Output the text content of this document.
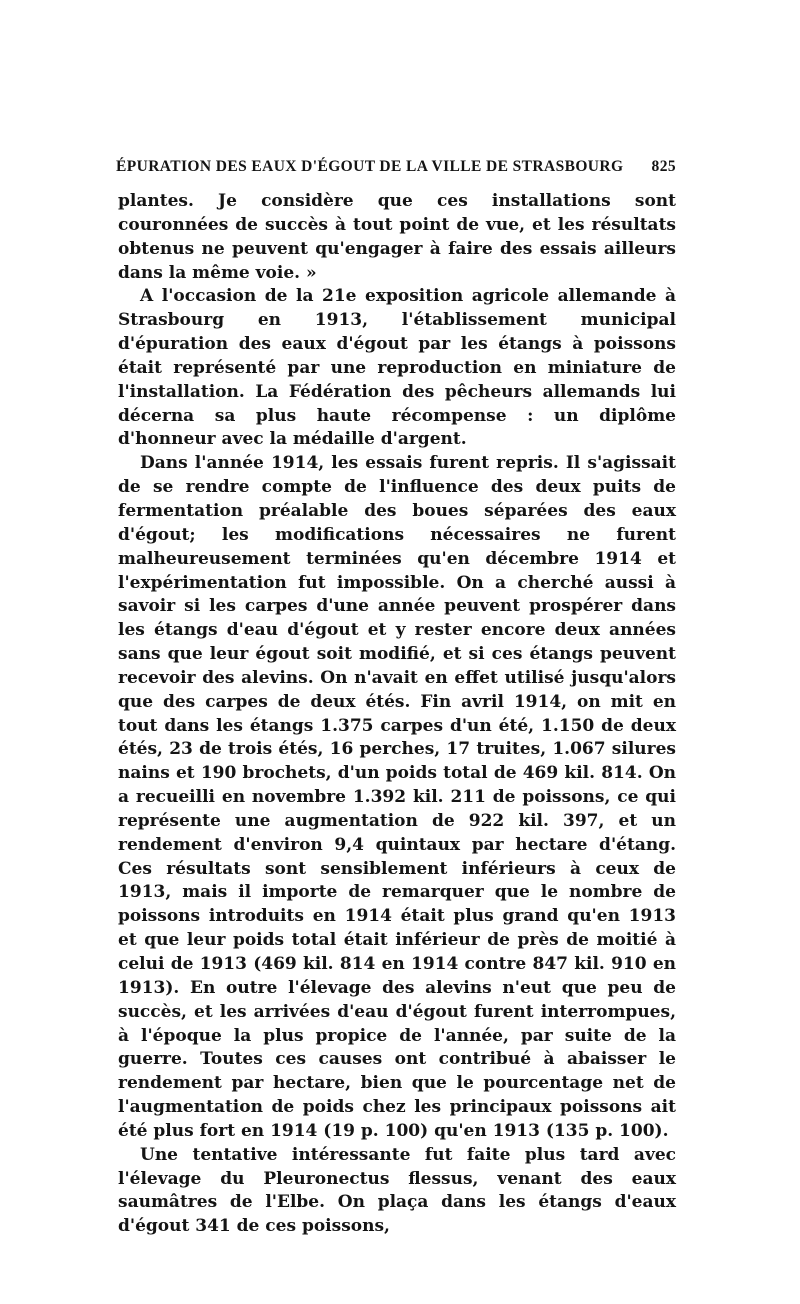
ÉPURATION DES EAUX D'ÉGOUT DE LA VILLE DE STRASBOURG 825

plantes. Je considère que ces installations sont couronnées de succès à tout point de vue, et les résultats obtenus ne peuvent qu'engager à faire des essais ailleurs dans la même voie. »

A l'occasion de la 21e exposition agricole allemande à Strasbourg en 1913, l'établissement municipal d'épuration des eaux d'égout par les étangs à poissons était représenté par une reproduction en miniature de l'installation. La Fédération des pêcheurs allemands lui décerna sa plus haute récompense : un diplôme d'honneur avec la médaille d'argent.

Dans l'année 1914, les essais furent repris. Il s'agissait de se rendre compte de l'influence des deux puits de fermentation préalable des boues séparées des eaux d'égout; les modifications nécessaires ne furent malheureusement terminées qu'en décembre 1914 et l'expérimentation fut impossible. On a cherché aussi à savoir si les carpes d'une année peuvent prospérer dans les étangs d'eau d'égout et y rester encore deux années sans que leur égout soit modifié, et si ces étangs peuvent recevoir des alevins. On n'avait en effet utilisé jusqu'alors que des carpes de deux étés. Fin avril 1914, on mit en tout dans les étangs 1.375 carpes d'un été, 1.150 de deux étés, 23 de trois étés, 16 perches, 17 truites, 1.067 silures nains et 190 brochets, d'un poids total de 469 kil. 814. On a recueilli en novembre 1.392 kil. 211 de poissons, ce qui représente une augmentation de 922 kil. 397, et un rendement d'environ 9,4 quintaux par hectare d'étang. Ces résultats sont sensiblement inférieurs à ceux de 1913, mais il importe de remarquer que le nombre de poissons introduits en 1914 était plus grand qu'en 1913 et que leur poids total était inférieur de près de moitié à celui de 1913 (469 kil. 814 en 1914 contre 847 kil. 910 en 1913). En outre l'élevage des alevins n'eut que peu de succès, et les arrivées d'eau d'égout furent interrompues, à l'époque la plus propice de l'année, par suite de la guerre. Toutes ces causes ont contribué à abaisser le rendement par hectare, bien que le pourcentage net de l'augmentation de poids chez les principaux poissons ait été plus fort en 1914 (19 p. 100) qu'en 1913 (135 p. 100).

Une tentative intéressante fut faite plus tard avec l'élevage du Pleuronectus flessus, venant des eaux saumâtres de l'Elbe. On plaça dans les étangs d'eaux d'égout 341 de ces poissons,
